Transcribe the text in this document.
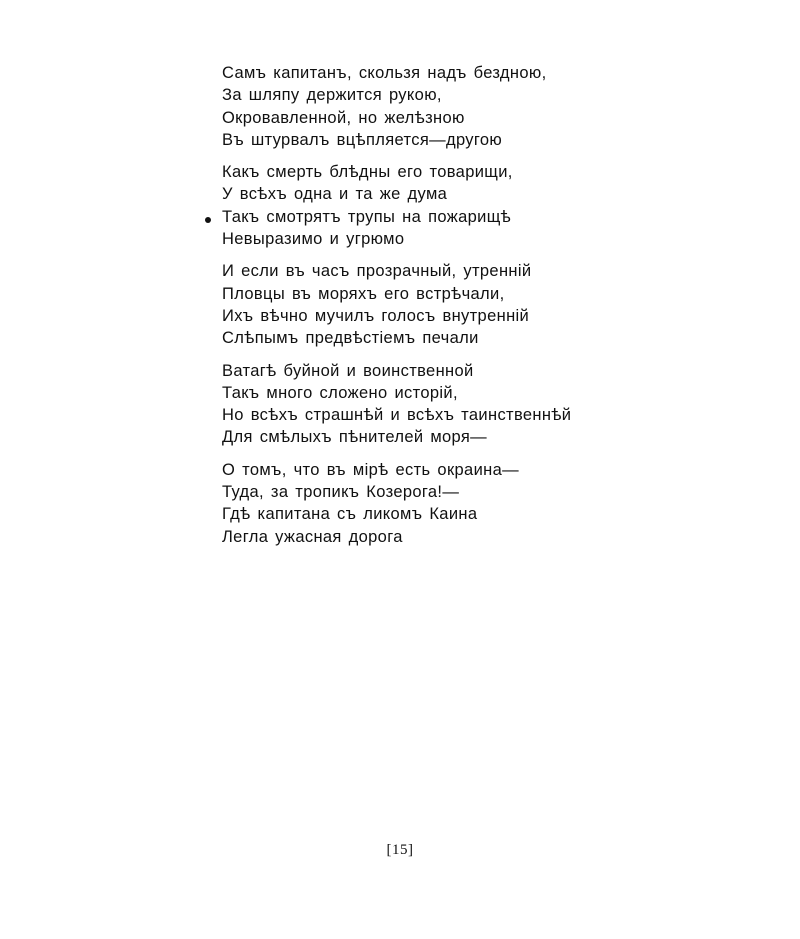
Самъ капитанъ, скользя надъ бездною,
За шляпу держится рукою,
Окровавленной, но желѣзною
Въ штурвалъ вцѣпляется—другою
Какъ смерть блѣдны его товарищи,
У всѣхъ одна и та же дума
Такъ смотрятъ трупы на пожарищѣ
Невыразимо и угрюмо
И если въ часъ прозрачный, утренній
Пловцы въ моряхъ его встрѣчали,
Ихъ вѣчно мучилъ голосъ внутренній
Слѣпымъ предвѣстіемъ печали
Ватагѣ буйной и воинственной
Такъ много сложено исторій,
Но всѣхъ страшнѣй и всѣхъ таинственнѣй
Для смѣлыхъ пѣнителей моря—
О томъ, что въ мірѣ есть окраина—
Туда, за тропикъ Козерога!—
Гдѣ капитана съ ликомъ Каина
Легла ужасная дорога
[15]
